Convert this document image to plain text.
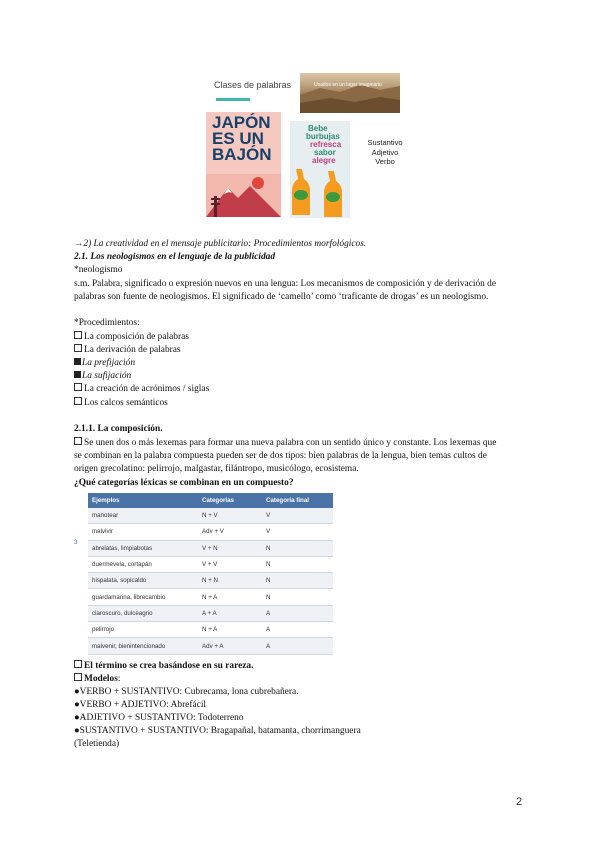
Clases de palabras	Usados en un lugar imaginario
JAPÓN
ES UN
BAJÓN
Bebe
burbujas
refresca
sabor
alegre
Sustantivo
Adjetivo
Verbo
→2) La creatividad en el mensaje publicitario: Procedimientos morfológicos.
2.1. Los neologismos en el lenguaje de la publicidad
*neologismo
s.m. Palabra, significado o expresión nuevos en una lengua: Los mecanismos de composición y de derivación de
palabras son fuente de neologismos. El significado de ‘camello’ como ‘traficante de drogas’ es un neologismo.
*Procedimientos:
La composición de palabras
La derivación de palabras
La prefijación
La sufijación
La creación de acrónimos / siglas
Los calcos semánticos
2.1.1. La composición.
Se unen dos o más lexemas para formar una nueva palabra con un sentido único y constante. Los lexemas que
se combinan en la palabra compuesta pueden ser de dos tipos: bien palabras de la lengua, bien temas cultos de
origen grecolatino: pelirrojo, malgastar, filántropo, musicólogo, ecosistema.
¿Qué categorías léxicas se combinan en un compuesto?
3
Ejemplos	Categorías	Categoría final
manotear	N + V	V
malvivir	Adv + V	V
abrelatas, limpiabotas	V + N	N
duermevela, cortapán	V + V	N
hispalata, sopicaldo	N + N	N
guardamarina, librecambio	N + A	N
claroscuro, dulceagrio	A + A	A
pelirrojo	N + A	A
malvenir, bienintencionado	Adv + A	A
El término se crea basándose en su rareza.
Modelos:
●VERBO + SUSTANTIVO: Cubrecama, lona cubrebañera.
●VERBO + ADJETIVO: Abrefácil
●ADJETIVO + SUSTANTIVO: Todoterreno
●SUSTANTIVO + SUSTANTIVO: Bragapañal, batamanta, chorrimanguera
(Teletienda)
2
